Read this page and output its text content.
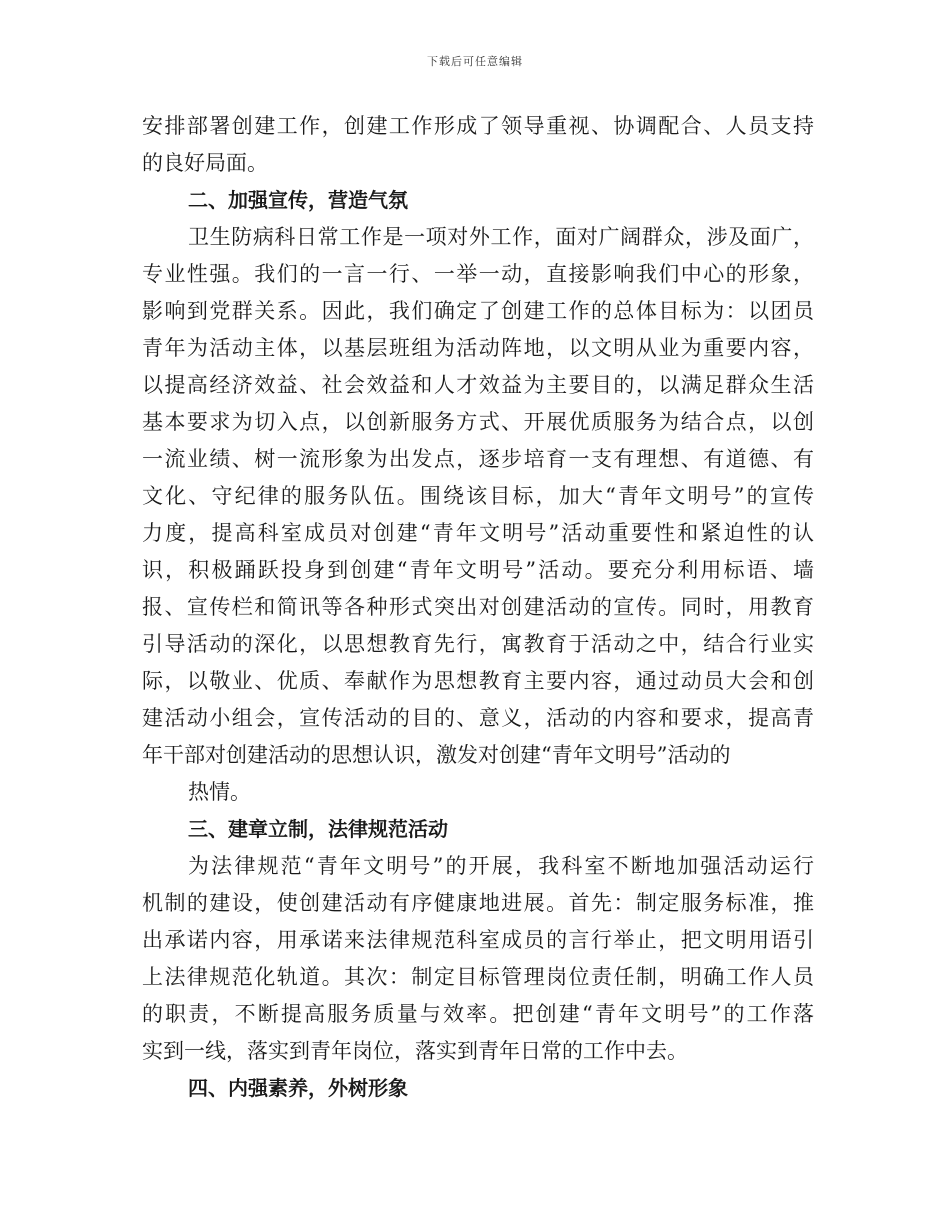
下载后可任意编辑
安排部署创建工作，创建工作形成了领导重视、协调配合、人员支持
的良好局面。
二、加强宣传，营造气氛
卫生防病科日常工作是一项对外工作，面对广阔群众，涉及面广，
专业性强。我们的一言一行、一举一动，直接影响我们中心的形象，
影响到党群关系。因此，我们确定了创建工作的总体目标为：以团员
青年为活动主体，以基层班组为活动阵地，以文明从业为重要内容，
以提高经济效益、社会效益和人才效益为主要目的，以满足群众生活
基本要求为切入点，以创新服务方式、开展优质服务为结合点，以创
一流业绩、树一流形象为出发点，逐步培育一支有理想、有道德、有
文化、守纪律的服务队伍。围绕该目标，加大“青年文明号”的宣传
力度，提高科室成员对创建“青年文明号”活动重要性和紧迫性的认
识，积极踊跃投身到创建“青年文明号”活动。要充分利用标语、墙
报、宣传栏和简讯等各种形式突出对创建活动的宣传。同时，用教育
引导活动的深化，以思想教育先行，寓教育于活动之中，结合行业实
际，以敬业、优质、奉献作为思想教育主要内容，通过动员大会和创
建活动小组会，宣传活动的目的、意义，活动的内容和要求，提高青
年干部对创建活动的思想认识，激发对创建“青年文明号”活动的
热情。
三、建章立制，法律规范活动
为法律规范“青年文明号”的开展，我科室不断地加强活动运行
机制的建设，使创建活动有序健康地进展。首先：制定服务标准，推
出承诺内容，用承诺来法律规范科室成员的言行举止，把文明用语引
上法律规范化轨道。其次：制定目标管理岗位责任制，明确工作人员
的职责，不断提高服务质量与效率。把创建“青年文明号”的工作落
实到一线，落实到青年岗位，落实到青年日常的工作中去。
四、内强素养，外树形象
